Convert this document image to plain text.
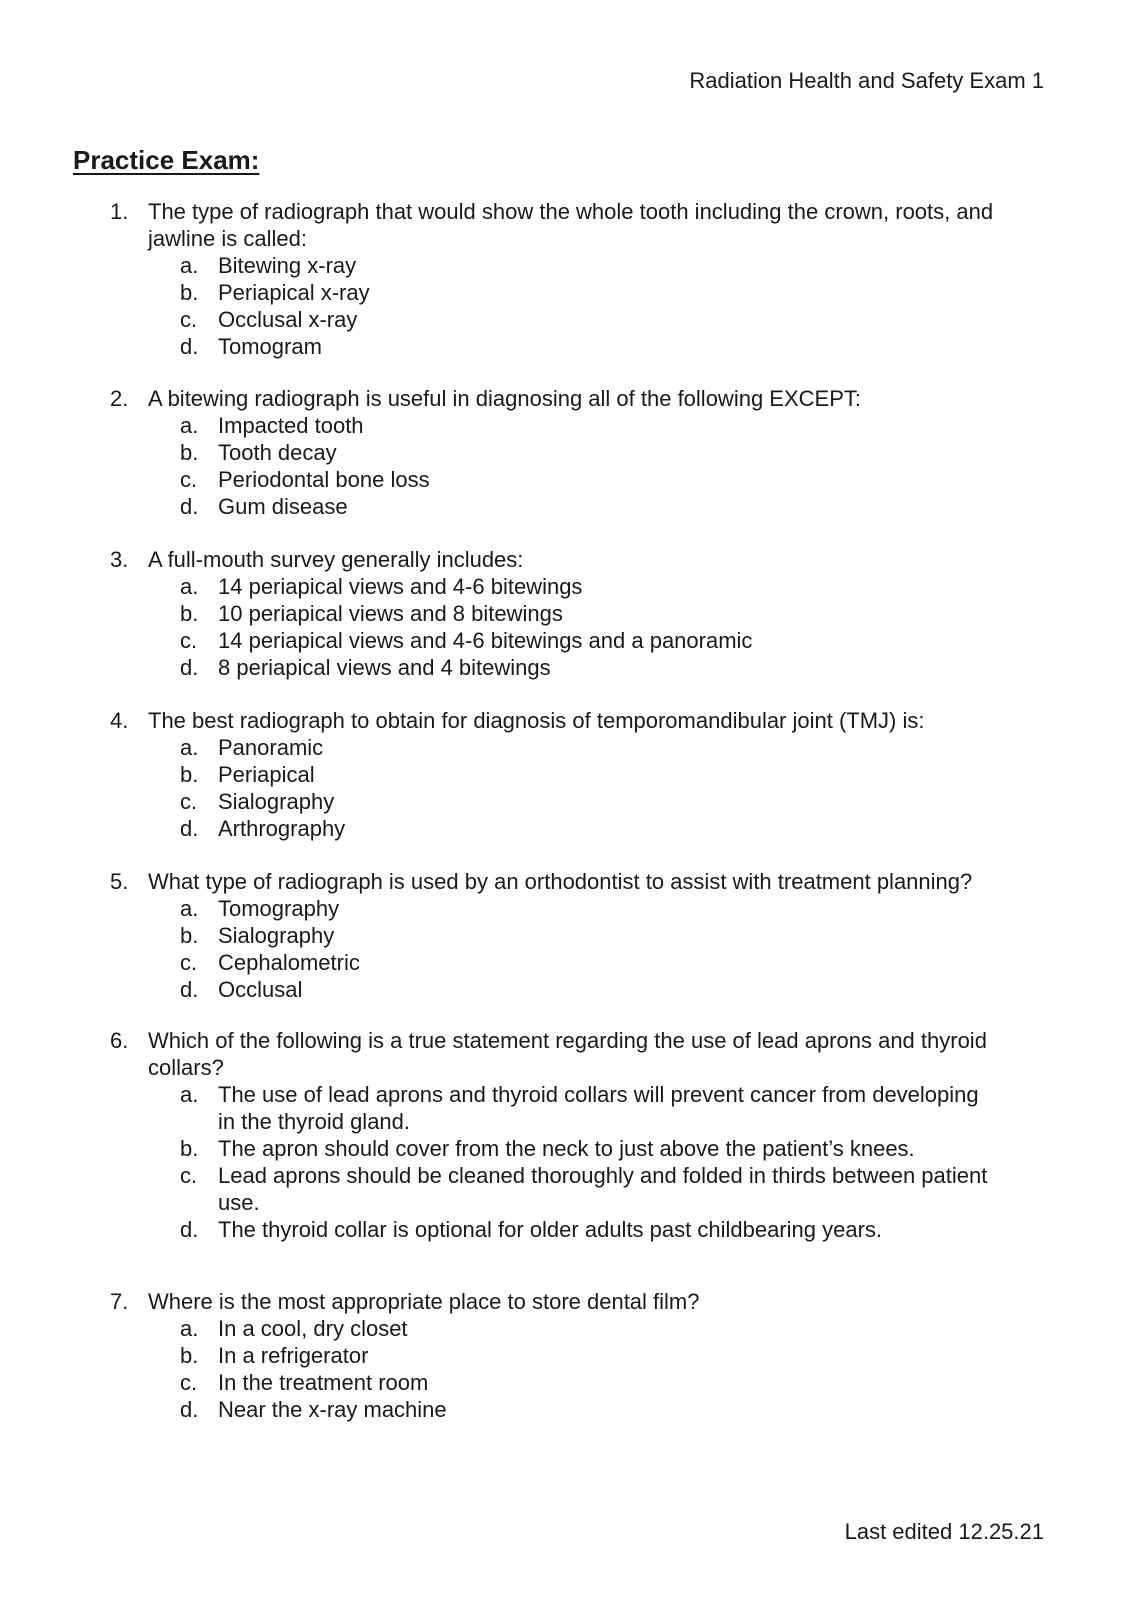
Radiation Health and Safety Exam 1
Practice Exam:
1. The type of radiograph that would show the whole tooth including the crown, roots, and jawline is called:
a. Bitewing x-ray
b. Periapical x-ray
c. Occlusal x-ray
d. Tomogram
2. A bitewing radiograph is useful in diagnosing all of the following EXCEPT:
a. Impacted tooth
b. Tooth decay
c. Periodontal bone loss
d. Gum disease
3. A full-mouth survey generally includes:
a. 14 periapical views and 4-6 bitewings
b. 10 periapical views and 8 bitewings
c. 14 periapical views and 4-6 bitewings and a panoramic
d. 8 periapical views and 4 bitewings
4. The best radiograph to obtain for diagnosis of temporomandibular joint (TMJ) is:
a. Panoramic
b. Periapical
c. Sialography
d. Arthrography
5. What type of radiograph is used by an orthodontist to assist with treatment planning?
a. Tomography
b. Sialography
c. Cephalometric
d. Occlusal
6. Which of the following is a true statement regarding the use of lead aprons and thyroid collars?
a. The use of lead aprons and thyroid collars will prevent cancer from developing in the thyroid gland.
b. The apron should cover from the neck to just above the patient’s knees.
c. Lead aprons should be cleaned thoroughly and folded in thirds between patient use.
d. The thyroid collar is optional for older adults past childbearing years.
7. Where is the most appropriate place to store dental film?
a. In a cool, dry closet
b. In a refrigerator
c. In the treatment room
d. Near the x-ray machine
Last edited 12.25.21
